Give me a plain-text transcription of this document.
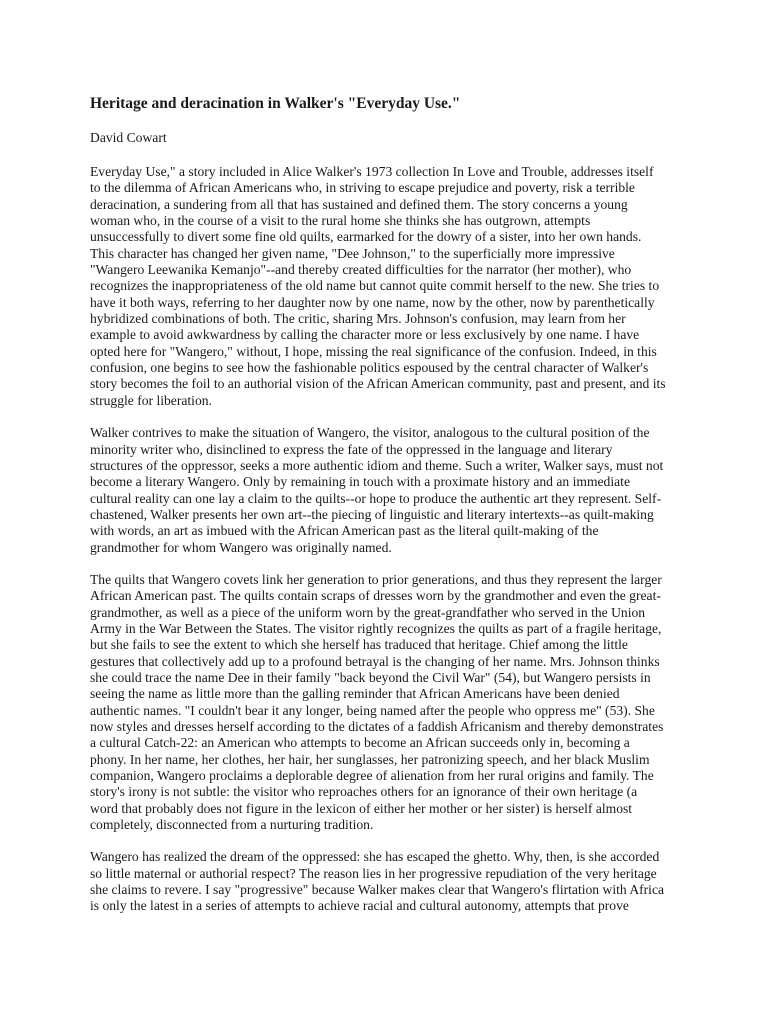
Heritage and deracination in Walker's "Everyday Use."
David Cowart
Everyday Use," a story included in Alice Walker's 1973 collection In Love and Trouble, addresses itself
to the dilemma of African Americans who, in striving to escape prejudice and poverty, risk a terrible
deracination, a sundering from all that has sustained and defined them. The story concerns a young
woman who, in the course of a visit to the rural home she thinks she has outgrown, attempts
unsuccessfully to divert some fine old quilts, earmarked for the dowry of a sister, into her own hands.
This character has changed her given name, "Dee Johnson," to the superficially more impressive
"Wangero Leewanika Kemanjo"--and thereby created difficulties for the narrator (her mother), who
recognizes the inappropriateness of the old name but cannot quite commit herself to the new. She tries to
have it both ways, referring to her daughter now by one name, now by the other, now by parenthetically
hybridized combinations of both. The critic, sharing Mrs. Johnson's confusion, may learn from her
example to avoid awkwardness by calling the character more or less exclusively by one name. I have
opted here for "Wangero," without, I hope, missing the real significance of the confusion. Indeed, in this
confusion, one begins to see how the fashionable politics espoused by the central character of Walker's
story becomes the foil to an authorial vision of the African American community, past and present, and its
struggle for liberation.
Walker contrives to make the situation of Wangero, the visitor, analogous to the cultural position of the
minority writer who, disinclined to express the fate of the oppressed in the language and literary
structures of the oppressor, seeks a more authentic idiom and theme. Such a writer, Walker says, must not
become a literary Wangero. Only by remaining in touch with a proximate history and an immediate
cultural reality can one lay a claim to the quilts--or hope to produce the authentic art they represent. Self-
chastened, Walker presents her own art--the piecing of linguistic and literary intertexts--as quilt-making
with words, an art as imbued with the African American past as the literal quilt-making of the
grandmother for whom Wangero was originally named.
The quilts that Wangero covets link her generation to prior generations, and thus they represent the larger
African American past. The quilts contain scraps of dresses worn by the grandmother and even the great-
grandmother, as well as a piece of the uniform worn by the great-grandfather who served in the Union
Army in the War Between the States. The visitor rightly recognizes the quilts as part of a fragile heritage,
but she fails to see the extent to which she herself has traduced that heritage. Chief among the little
gestures that collectively add up to a profound betrayal is the changing of her name. Mrs. Johnson thinks
she could trace the name Dee in their family "back beyond the Civil War" (54), but Wangero persists in
seeing the name as little more than the galling reminder that African Americans have been denied
authentic names. "I couldn't bear it any longer, being named after the people who oppress me" (53). She
now styles and dresses herself according to the dictates of a faddish Africanism and thereby demonstrates
a cultural Catch-22: an American who attempts to become an African succeeds only in, becoming a
phony. In her name, her clothes, her hair, her sunglasses, her patronizing speech, and her black Muslim
companion, Wangero proclaims a deplorable degree of alienation from her rural origins and family. The
story's irony is not subtle: the visitor who reproaches others for an ignorance of their own heritage (a
word that probably does not figure in the lexicon of either her mother or her sister) is herself almost
completely, disconnected from a nurturing tradition.
Wangero has realized the dream of the oppressed: she has escaped the ghetto. Why, then, is she accorded
so little maternal or authorial respect? The reason lies in her progressive repudiation of the very heritage
she claims to revere. I say "progressive" because Walker makes clear that Wangero's flirtation with Africa
is only the latest in a series of attempts to achieve racial and cultural autonomy, attempts that prove
